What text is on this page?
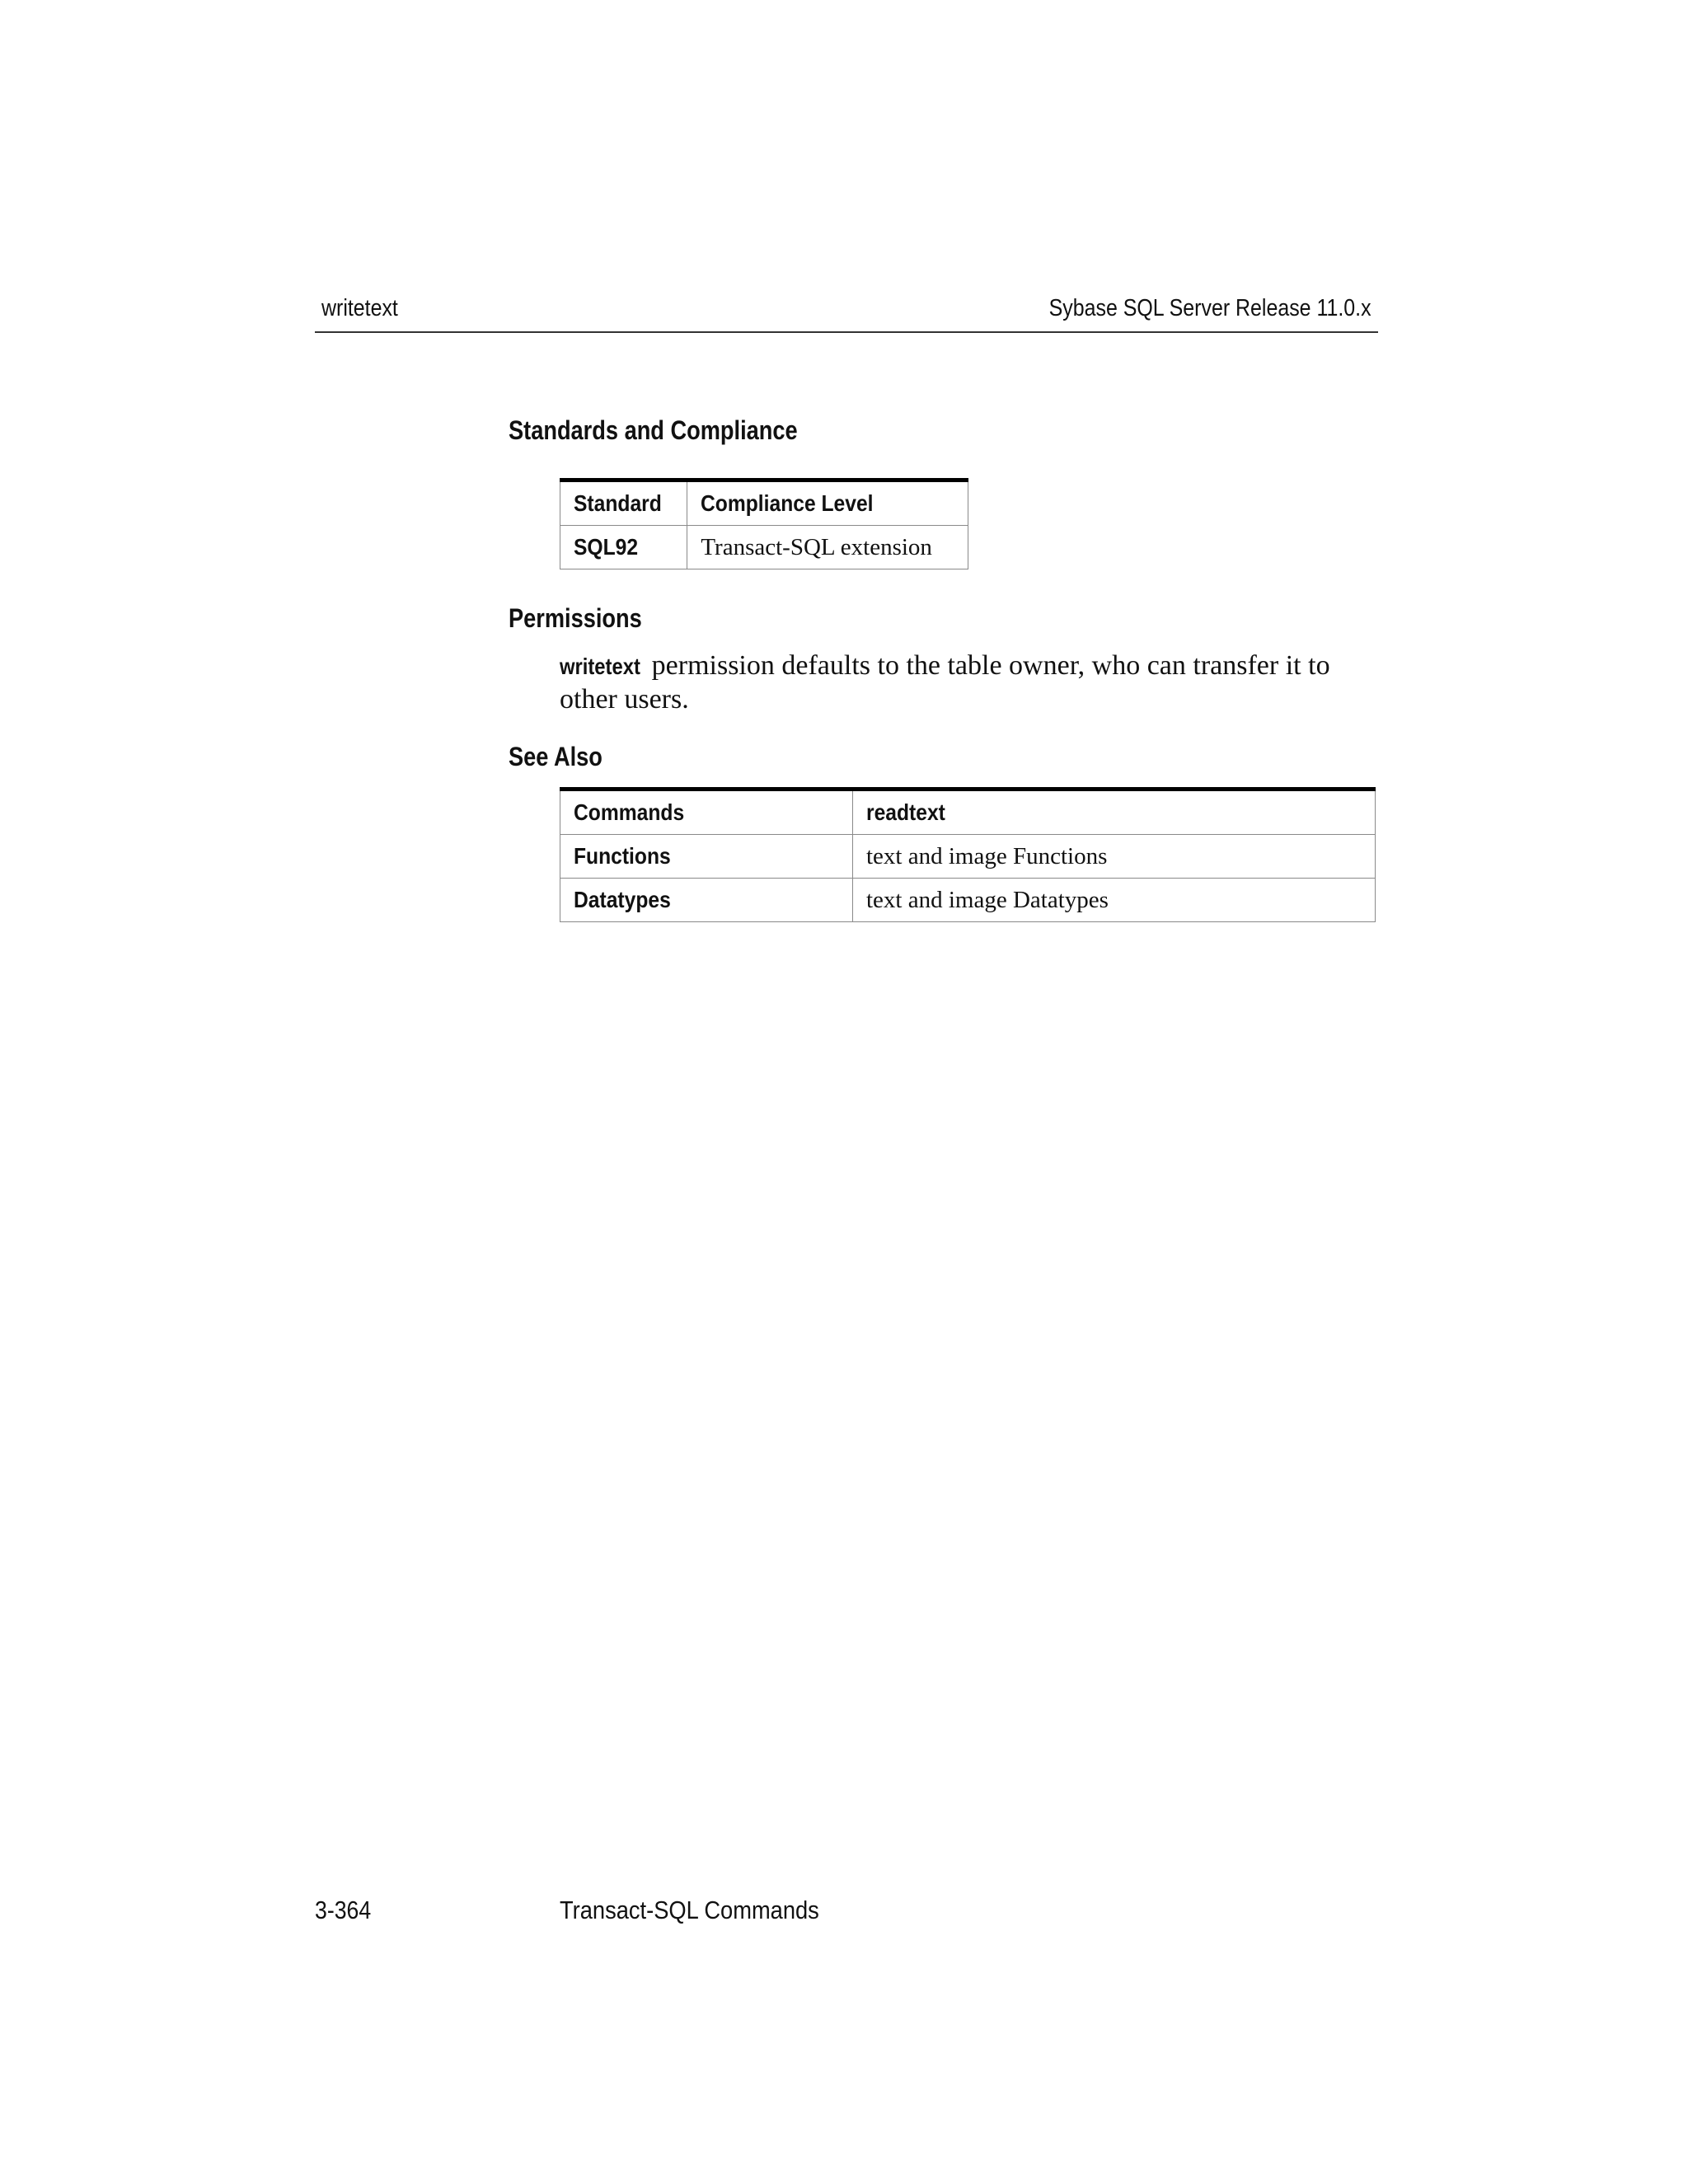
writetext	Sybase SQL Server Release 11.0.x
Standards and Compliance
Standard	Compliance Level
SQL92	Transact-SQL extension
Permissions
writetext permission defaults to the table owner, who can transfer it to other users.
See Also
Commands	readtext
Functions	text and image Functions
Datatypes	text and image Datatypes
3-364	Transact-SQL Commands
